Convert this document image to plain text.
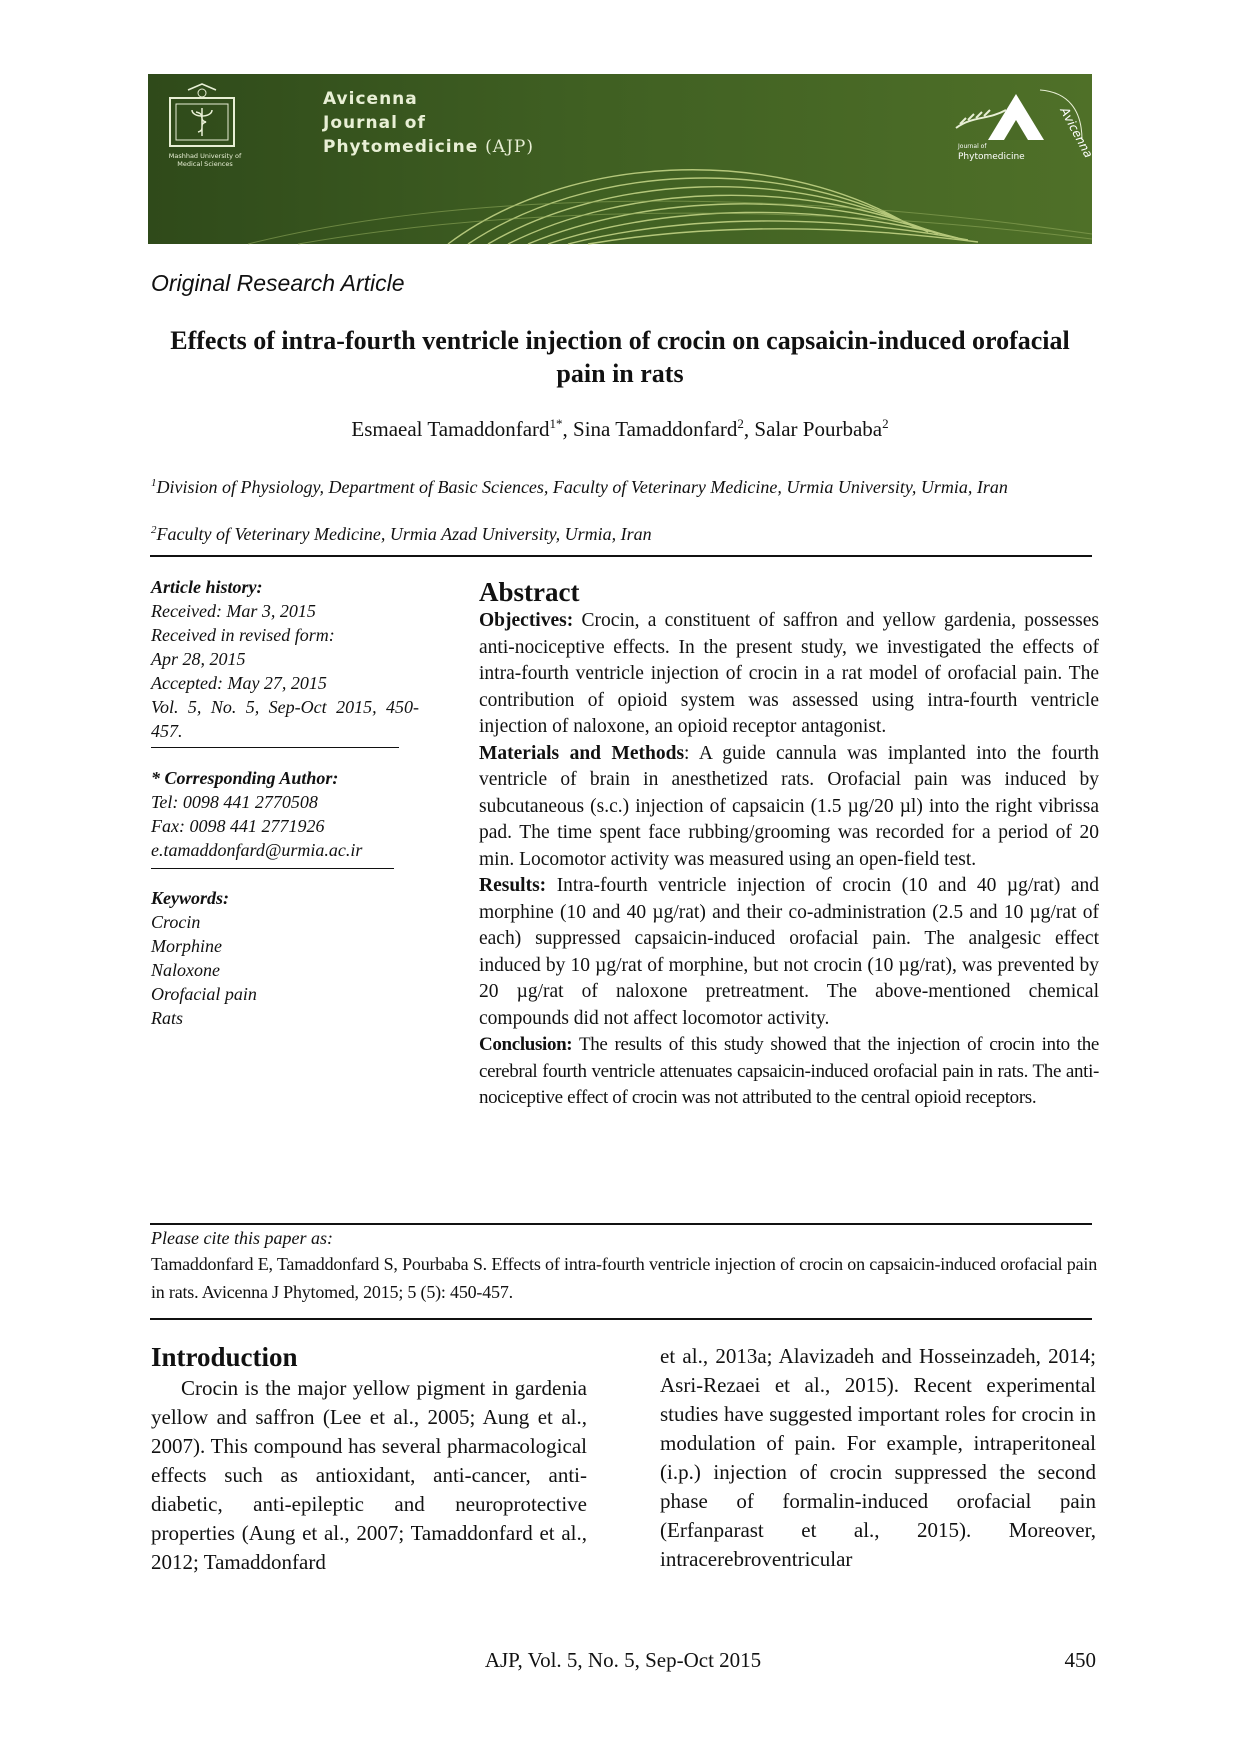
Mashhad University of Medical Sciences
Avicenna
Journal of
Phytomedicine (AJP)	Avicenna
Journal of
Phytomedicine
Original Research Article
Effects of intra-fourth ventricle injection of crocin on capsaicin-induced orofacial pain in rats
Esmaeal Tamaddonfard$^{1*}$, Sina Tamaddonfard$^2$, Salar Pourbaba$^2$
$^1$Division of Physiology, Department of Basic Sciences, Faculty of Veterinary Medicine, Urmia University, Urmia, Iran
$^2$Faculty of Veterinary Medicine, Urmia Azad University, Urmia, Iran
Article history:
Received: Mar 3, 2015
Received in revised form:
Apr 28, 2015
Accepted: May 27, 2015
Vol. 5, No. 5, Sep-Oct 2015, 450-457.
* Corresponding Author:
Tel: 0098 441 2770508
Fax: 0098 441 2771926
e.tamaddonfard@urmia.ac.ir
Keywords:
Crocin
Morphine
Naloxone
Orofacial pain
Rats
Abstract

Objectives: Crocin, a constituent of saffron and yellow gardenia, possesses anti-nociceptive effects. In the present study, we investigated the effects of intra-fourth ventricle injection of crocin in a rat model of orofacial pain. The contribution of opioid system was assessed using intra-fourth ventricle injection of naloxone, an opioid receptor antagonist.

Materials and Methods: A guide cannula was implanted into the fourth ventricle of brain in anesthetized rats. Orofacial pain was induced by subcutaneous (s.c.) injection of capsaicin (1.5 µg/20 µl) into the right vibrissa pad. The time spent face rubbing/grooming was recorded for a period of 20 min. Locomotor activity was measured using an open-field test.

Results: Intra-fourth ventricle injection of crocin (10 and 40 µg/rat) and morphine (10 and 40 µg/rat) and their co-administration (2.5 and 10 µg/rat of each) suppressed capsaicin-induced orofacial pain. The analgesic effect induced by 10 µg/rat of morphine, but not crocin (10 µg/rat), was prevented by 20 µg/rat of naloxone pretreatment. The above-mentioned chemical compounds did not affect locomotor activity.

Conclusion: The results of this study showed that the injection of crocin into the cerebral fourth ventricle attenuates capsaicin-induced orofacial pain in rats. The anti-nociceptive effect of crocin was not attributed to the central opioid receptors.

Please cite this paper as:
Tamaddonfard E, Tamaddonfard S, Pourbaba S. Effects of intra-fourth ventricle injection of crocin on capsaicin-induced orofacial pain in rats. Avicenna J Phytomed, 2015; 5 (5): 450-457.
Introduction

Crocin is the major yellow pigment in gardenia yellow and saffron (Lee et al., 2005; Aung et al., 2007). This compound has several pharmacological effects such as antioxidant, anti-cancer, anti-diabetic, anti-epileptic and neuroprotective properties (Aung et al., 2007; Tamaddonfard et al., 2012; Tamaddonfard

et al., 2013a; Alavizadeh and Hosseinzadeh, 2014; Asri-Rezaei et al., 2015). Recent experimental studies have suggested important roles for crocin in modulation of pain. For example, intraperitoneal (i.p.) injection of crocin suppressed the second phase of formalin-induced orofacial pain (Erfanparast et al., 2015). Moreover, intracerebroventricular

AJP, Vol. 5, No. 5, Sep-Oct 2015	450
